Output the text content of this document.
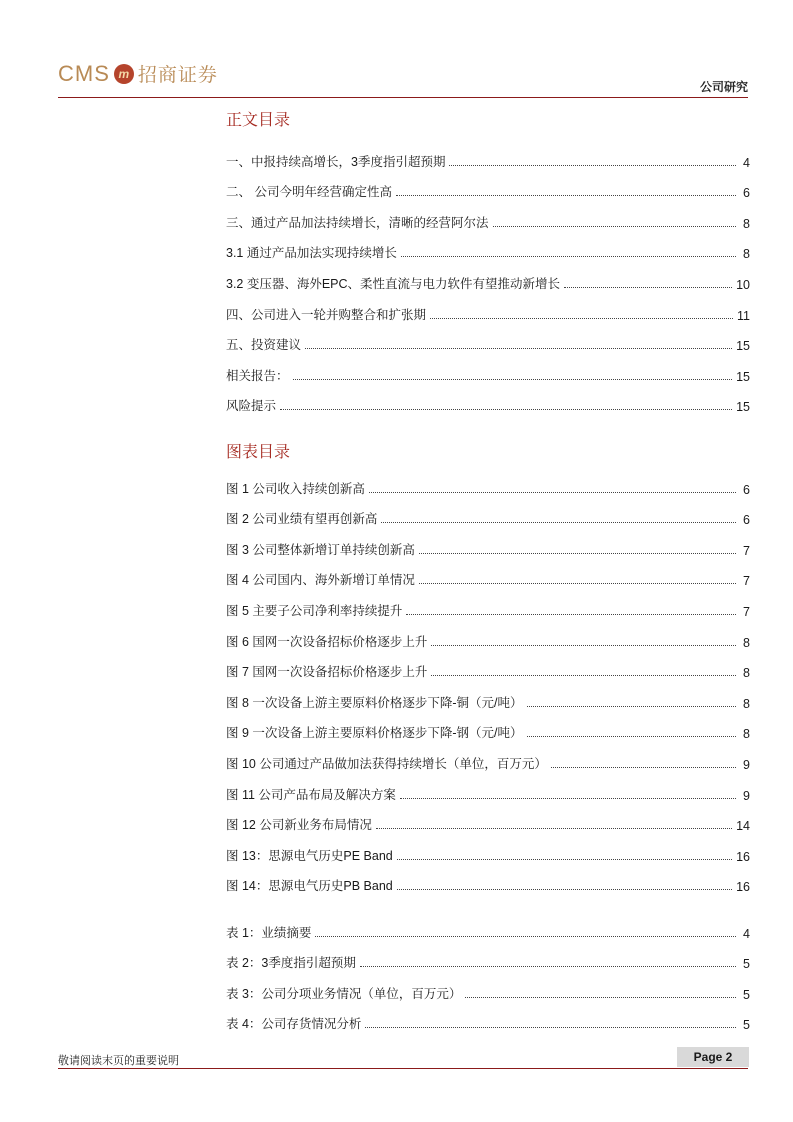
CMS m 招商证券
公司研究
正文目录
一、中报持续高增长，3季度指引超预期	4
二、 公司今明年经营确定性高	6
三、通过产品加法持续增长，清晰的经营阿尔法	8
3.1 通过产品加法实现持续增长	8
3.2 变压器、海外EPC、柔性直流与电力软件有望推动新增长	10
四、公司进入一轮并购整合和扩张期	11
五、投资建议	15
相关报告：	15
风险提示	15
图表目录
图 1 公司收入持续创新高	6
图 2 公司业绩有望再创新高	6
图 3 公司整体新增订单持续创新高	7
图 4 公司国内、海外新增订单情况	7
图 5 主要子公司净利率持续提升	7
图 6 国网一次设备招标价格逐步上升	8
图 7 国网一次设备招标价格逐步上升	8
图 8 一次设备上游主要原料价格逐步下降-铜（元/吨）	8
图 9 一次设备上游主要原料价格逐步下降-钢（元/吨）	8
图 10 公司通过产品做加法获得持续增长（单位，百万元）	9
图 11 公司产品布局及解决方案	9
图 12 公司新业务布局情况	14
图 13：思源电气历史PE Band	16
图 14：思源电气历史PB Band	16
表 1：业绩摘要	4
表 2：3季度指引超预期	5
表 3：公司分项业务情况（单位，百万元）	5
表 4：公司存货情况分析	5
敬请阅读末页的重要说明	Page 2
